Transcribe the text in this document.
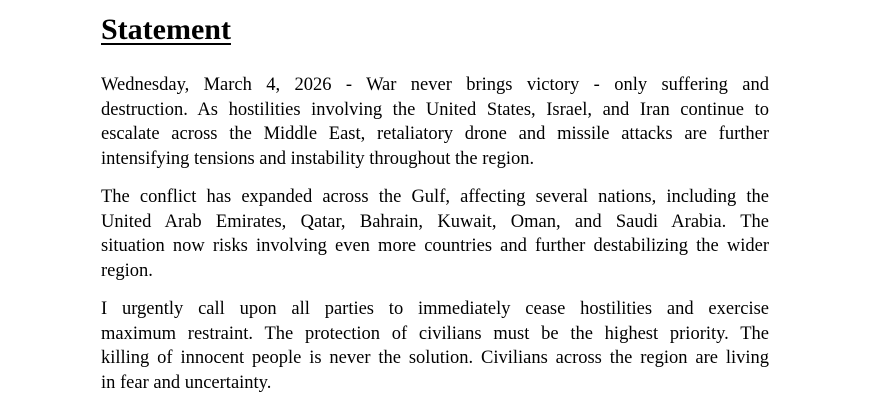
Statement

Wednesday, March 4, 2026 - War never brings victory - only suffering and
destruction. As hostilities involving the United States, Israel, and Iran continue to
escalate across the Middle East, retaliatory drone and missile attacks are further
intensifying tensions and instability throughout the region.

The conflict has expanded across the Gulf, affecting several nations, including the
United Arab Emirates, Qatar, Bahrain, Kuwait, Oman, and Saudi Arabia. The
situation now risks involving even more countries and further destabilizing the wider
region.

I urgently call upon all parties to immediately cease hostilities and exercise
maximum restraint. The protection of civilians must be the highest priority. The
killing of innocent people is never the solution. Civilians across the region are living
in fear and uncertainty.
